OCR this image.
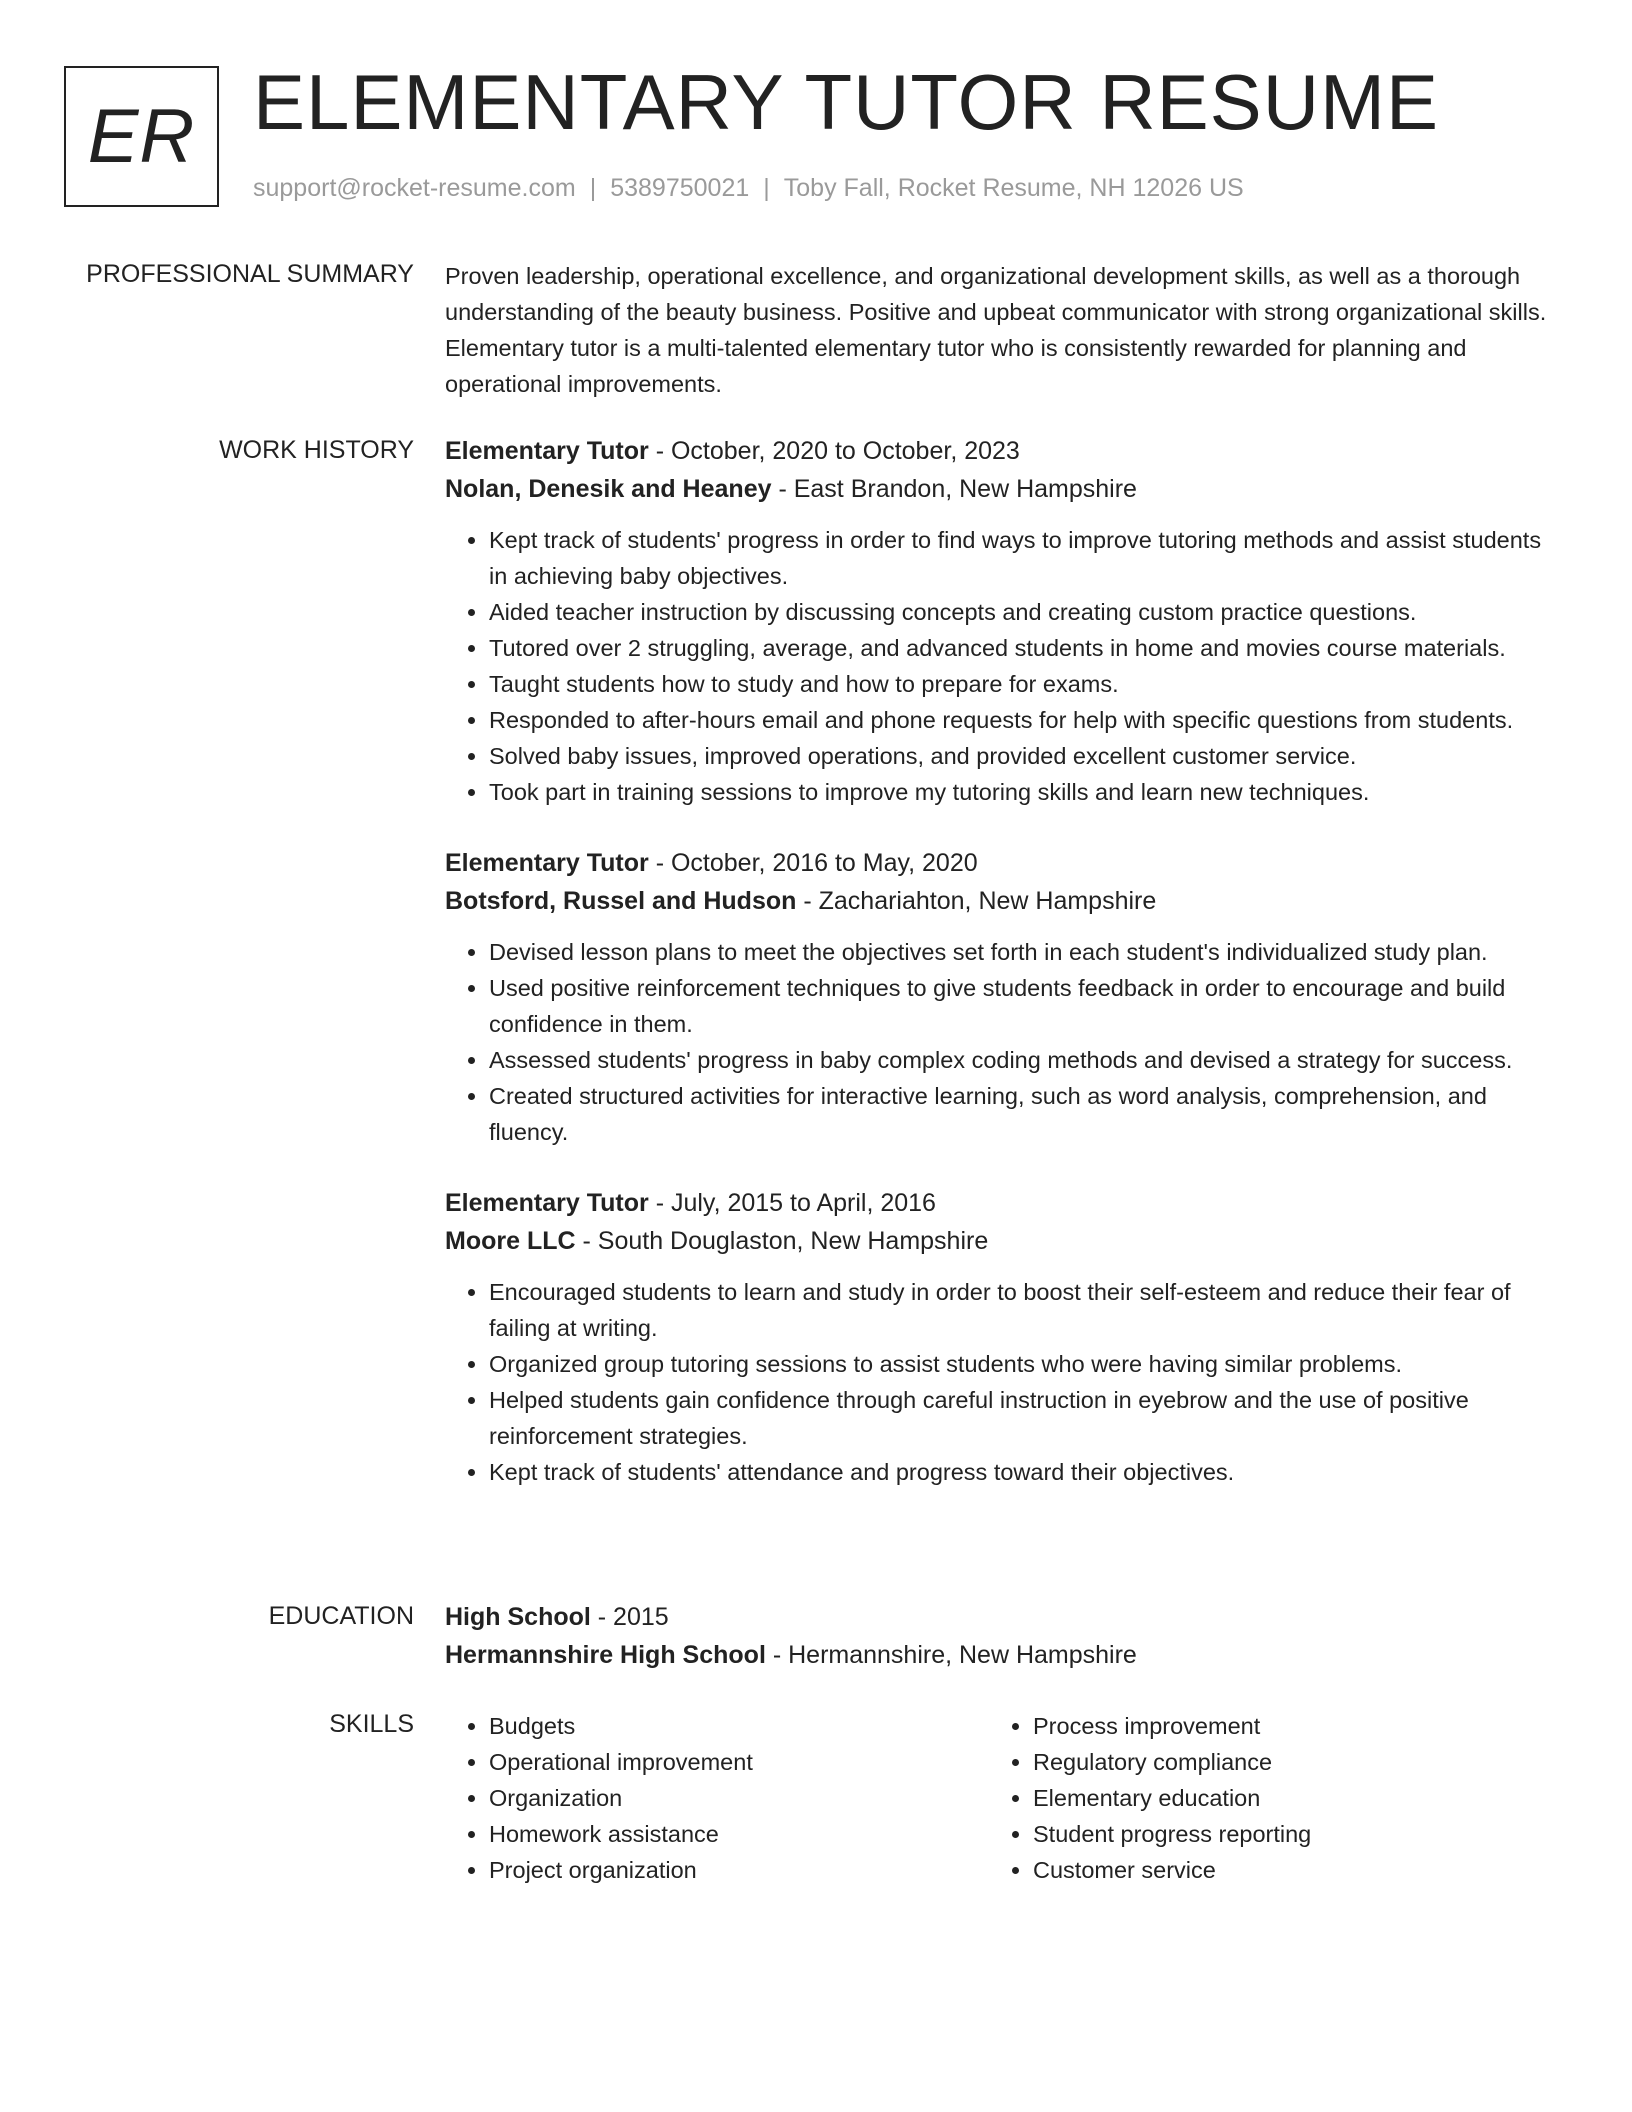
ER ELEMENTARY TUTOR RESUME
support@rocket-resume.com | 5389750021 | Toby Fall, Rocket Resume, NH 12026 US
PROFESSIONAL SUMMARY Proven leadership, operational excellence, and organizational development skills, as well as a thorough understanding of the beauty business. Positive and upbeat communicator with strong organizational skills. Elementary tutor is a multi-talented elementary tutor who is consistently rewarded for planning and operational improvements.

WORK HISTORY Elementary Tutor - October, 2020 to October, 2023
Nolan, Denesik and Heaney - East Brandon, New Hampshire
• Kept track of students' progress in order to find ways to improve tutoring methods and assist students in achieving baby objectives.
• Aided teacher instruction by discussing concepts and creating custom practice questions.
• Tutored over 2 struggling, average, and advanced students in home and movies course materials.
• Taught students how to study and how to prepare for exams.
• Responded to after-hours email and phone requests for help with specific questions from students.
• Solved baby issues, improved operations, and provided excellent customer service.
• Took part in training sessions to improve my tutoring skills and learn new techniques.
Elementary Tutor - October, 2016 to May, 2020
Botsford, Russel and Hudson - Zachariahton, New Hampshire
• Devised lesson plans to meet the objectives set forth in each student's individualized study plan.
• Used positive reinforcement techniques to give students feedback in order to encourage and build confidence in them.
• Assessed students' progress in baby complex coding methods and devised a strategy for success.
• Created structured activities for interactive learning, such as word analysis, comprehension, and fluency.
Elementary Tutor - July, 2015 to April, 2016
Moore LLC - South Douglaston, New Hampshire
• Encouraged students to learn and study in order to boost their self-esteem and reduce their fear of failing at writing.
• Organized group tutoring sessions to assist students who were having similar problems.
• Helped students gain confidence through careful instruction in eyebrow and the use of positive reinforcement strategies.
• Kept track of students' attendance and progress toward their objectives.
EDUCATION High School - 2015
Hermannshire High School - Hermannshire, New Hampshire
SKILLS
•	Budgets
• Operational improvement
• Organization
• Homework assistance
• Project organization
• Process improvement
• Regulatory compliance
• Elementary education
• Student progress reporting
• Customer service
